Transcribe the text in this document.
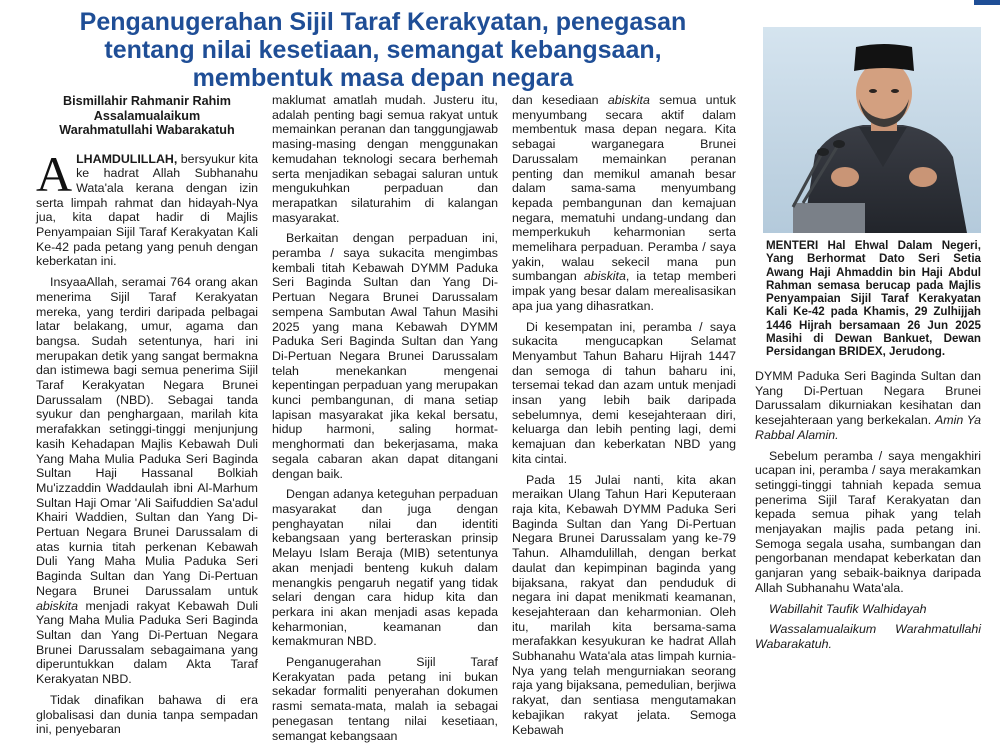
Penganugerahan Sijil Taraf Kerakyatan, penegasan
tentang nilai kesetiaan, semangat kebangsaan,
membentuk masa depan negara
Bismillahir Rahmanir Rahim
Assalamualaikum
Warahmatullahi Wabarakatuh

ALHAMDULILLAH, bersyukur kita ke hadrat Allah Subhanahu Wata'ala kerana dengan izin serta limpah rahmat dan hidayah-Nya jua, kita dapat hadir di Majlis Penyampaian Sijil Taraf Kerakyatan Kali Ke-42 pada petang yang penuh dengan keberkatan ini.

InsyaaAllah, seramai 764 orang akan menerima Sijil Taraf Kerakyatan mereka, yang terdiri daripada pelbagai latar belakang, umur, agama dan bangsa. Sudah setentunya, hari ini merupakan detik yang sangat bermakna dan istimewa bagi semua penerima Sijil Taraf Kerakyatan Negara Brunei Darussalam (NBD). Sebagai tanda syukur dan penghargaan, marilah kita merafakkan setinggi-tinggi menjunjung kasih Kehadapan Majlis Kebawah Duli Yang Maha Mulia Paduka Seri Baginda Sultan Haji Hassanal Bolkiah Mu'izzaddin Waddaulah ibni Al-Marhum Sultan Haji Omar 'Ali Saifuddien Sa'adul Khairi Waddien, Sultan dan Yang Di-Pertuan Negara Brunei Darussalam di atas kurnia titah perkenan Kebawah Duli Yang Maha Mulia Paduka Seri Baginda Sultan dan Yang Di-Pertuan Negara Brunei Darussalam untuk abiskita menjadi rakyat Kebawah Duli Yang Maha Mulia Paduka Seri Baginda Sultan dan Yang Di-Pertuan Negara Brunei Darussalam sebagaimana yang diperuntukkan dalam Akta Taraf Kerakyatan NBD.

Tidak dinafikan bahawa di era globalisasi dan dunia tanpa sempadan ini, penyebaran

maklumat amatlah mudah. Justeru itu, adalah penting bagi semua rakyat untuk memainkan peranan dan tanggungjawab masing-masing dengan menggunakan kemudahan teknologi secara berhemah serta menjadikan sebagai saluran untuk mengukuhkan perpaduan dan merapatkan silaturahim di kalangan masyarakat.

Berkaitan dengan perpaduan ini, peramba / saya sukacita mengimbas kembali titah Kebawah DYMM Paduka Seri Baginda Sultan dan Yang Di-Pertuan Negara Brunei Darussalam sempena Sambutan Awal Tahun Masihi 2025 yang mana Kebawah DYMM Paduka Seri Baginda Sultan dan Yang Di-Pertuan Negara Brunei Darussalam telah menekankan mengenai kepentingan perpaduan yang merupakan kunci pembangunan, di mana setiap lapisan masyarakat jika kekal bersatu, hidup harmoni, saling hormat-menghormati dan bekerjasama, maka segala cabaran akan dapat ditangani dengan baik.

Dengan adanya keteguhan perpaduan masyarakat dan juga dengan penghayatan nilai dan identiti kebangsaan yang berteraskan prinsip Melayu Islam Beraja (MIB) setentunya akan menjadi benteng kukuh dalam menangkis pengaruh negatif yang tidak selari dengan cara hidup kita dan perkara ini akan menjadi asas kepada keharmonian, keamanan dan kemakmuran NBD.

Penganugerahan Sijil Taraf Kerakyatan pada petang ini bukan sekadar formaliti penyerahan dokumen rasmi semata-mata, malah ia sebagai penegasan tentang nilai kesetiaan, semangat kebangsaan

dan kesediaan abiskita semua untuk menyumbang secara aktif dalam membentuk masa depan negara. Kita sebagai warganegara Brunei Darussalam memainkan peranan penting dan memikul amanah besar dalam sama-sama menyumbang kepada pembangunan dan kemajuan negara, mematuhi undang-undang dan memperkukuh keharmonian serta memelihara perpaduan. Peramba / saya yakin, walau sekecil mana pun sumbangan abiskita, ia tetap memberi impak yang besar dalam merealisasikan apa jua yang dihasratkan.

Di kesempatan ini, peramba / saya sukacita mengucapkan Selamat Menyambut Tahun Baharu Hijrah 1447 dan semoga di tahun baharu ini, tersemai tekad dan azam untuk menjadi insan yang lebih baik daripada sebelumnya, demi kesejahteraan diri, keluarga dan lebih penting lagi, demi kemajuan dan keberkatan NBD yang kita cintai.

Pada 15 Julai nanti, kita akan meraikan Ulang Tahun Hari Keputeraan raja kita, Kebawah DYMM Paduka Seri Baginda Sultan dan Yang Di-Pertuan Negara Brunei Darussalam yang ke-79 Tahun. Alhamdulillah, dengan berkat daulat dan kepimpinan baginda yang bijaksana, rakyat dan penduduk di negara ini dapat menikmati keamanan, kesejahteraan dan keharmonian. Oleh itu, marilah kita bersama-sama merafakkan kesyukuran ke hadrat Allah Subhanahu Wata'ala atas limpah kurnia-Nya yang telah mengurniakan seorang raja yang bijaksana, pemedulian, berjiwa rakyat, dan sentiasa mengutamakan kebajikan rakyat jelata. Semoga Kebawah

MENTERI Hal Ehwal Dalam Negeri, Yang Berhormat Dato Seri Setia Awang Haji Ahmaddin bin Haji Abdul Rahman semasa berucap pada Majlis Penyampaian Sijil Taraf Kerakyatan Kali Ke-42 pada Khamis, 29 Zulhijjah 1446 Hijrah bersamaan 26 Jun 2025 Masihi di Dewan Bankuet, Dewan Persidangan BRIDEX, Jerudong.

DYMM Paduka Seri Baginda Sultan dan Yang Di-Pertuan Negara Brunei Darussalam dikurniakan kesihatan dan kesejahteraan yang berkekalan. Amin Ya Rabbal Alamin.

Sebelum peramba / saya mengakhiri ucapan ini, peramba / saya merakamkan setinggi-tinggi tahniah kepada semua penerima Sijil Taraf Kerakyatan dan kepada semua pihak yang telah menjayakan majlis pada petang ini. Semoga segala usaha, sumbangan dan pengorbanan mendapat keberkatan dan ganjaran yang sebaik-baiknya daripada Allah Subhanahu Wata'ala.

Wabillahit Taufik Walhidayah

Wassalamualaikum Warahmatullahi Wabarakatuh.
